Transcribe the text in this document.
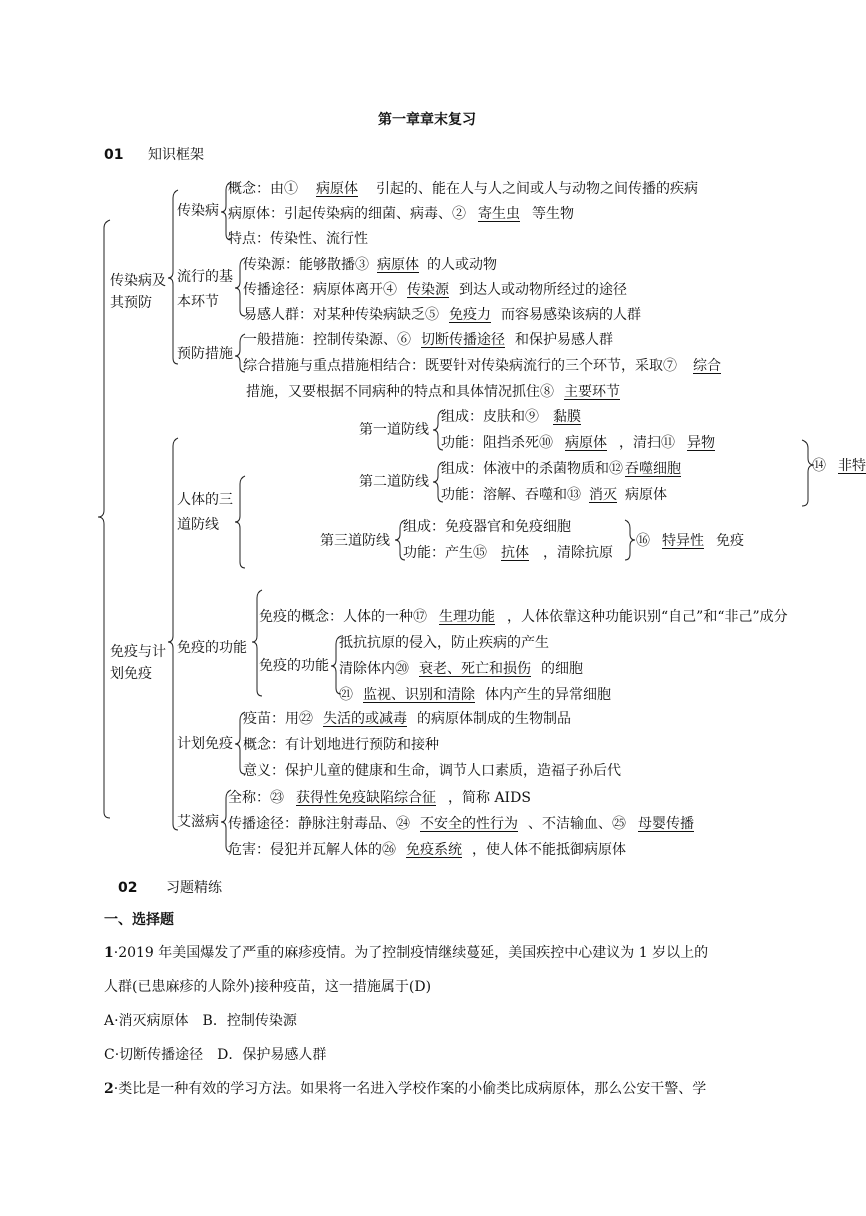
第一章章末复习
01 知识框架
传染病及
其预防
传染病
概念：由① 病原体 引起的、能在人与人之间或人与动物之间传播的疾病
病原体：引起传染病的细菌、病毒、② 寄生虫 等生物
特点：传染性、流行性
流行的基
本环节
传染源：能够散播③ 病原体 的人或动物
传播途径：病原体离开④ 传染源 到达人或动物所经过的途径
易感人群：对某种传染病缺乏⑤ 免疫力 而容易感染该病的人群
预防措施
一般措施：控制传染源、⑥ 切断传播途径 和保护易感人群
综合措施与重点措施相结合：既要针对传染病流行的三个环节，采取⑦ 综合
措施，又要根据不同病种的特点和具体情况抓住⑧ 主要环节
免疫与计
划免疫
人体的三
道防线
第一道防线
组成：皮肤和⑨ 黏膜
功能：阻挡杀死⑩ 病原体 ，清扫⑪ 异物
第二道防线
组成：体液中的杀菌物质和⑫ 吞噬细胞
功能：溶解、吞噬和⑬ 消灭 病原体
第三道防线
组成：免疫器官和免疫细胞
功能：产生⑮ 抗体 ，清除抗原
⑯ 特异性 免疫
⑭ 非特
免疫的功能
免疫的概念：人体的一种⑰ 生理功能 ，人体依靠这种功能识别“自己”和“非己”成分
免疫的功能
抵抗抗原的侵入，防止疾病的产生
清除体内⑳ 衰老、死亡和损伤 的细胞
㉑ 监视、识别和清除 体内产生的异常细胞
计划免疫
疫苗：用㉒ 失活的或减毒 的病原体制成的生物制品
概念：有计划地进行预防和接种
意义：保护儿童的健康和生命，调节人口素质，造福子孙后代
艾滋病
全称：㉓ 获得性免疫缺陷综合征 ，简称 AIDS
传播途径：静脉注射毒品、㉔ 不安全的性行为 、不洁输血、㉕ 母婴传播
危害：侵犯并瓦解人体的㉖ 免疫系统 ，使人体不能抵御病原体
02 习题精练
一、选择题
1·2019 年美国爆发了严重的麻疹疫情。为了控制疫情继续蔓延，美国疾控中心建议为 1 岁以上的
人群(已患麻疹的人除外)接种疫苗，这一措施属于(D)
A·消灭病原体　B．控制传染源
C·切断传播途径　D．保护易感人群
2·类比是一种有效的学习方法。如果将一名进入学校作案的小偷类比成病原体，那么公安干警、学
